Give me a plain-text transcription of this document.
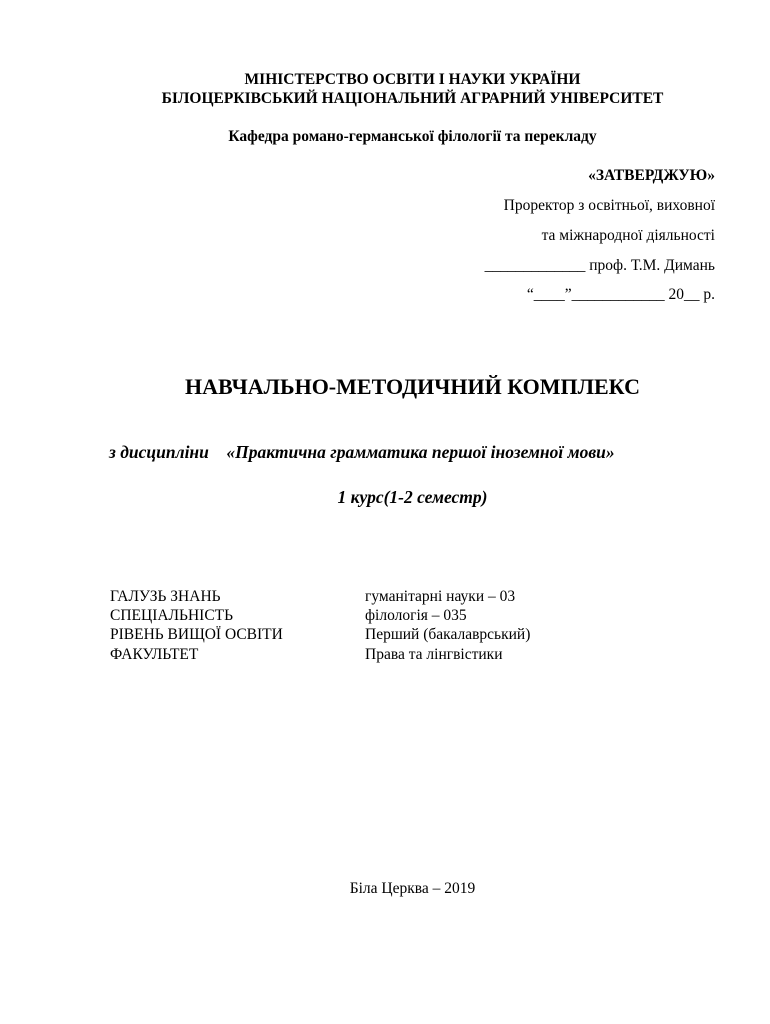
МІНІСТЕРСТВО ОСВІТИ І НАУКИ УКРАЇНИ
БІЛОЦЕРКІВСЬКИЙ НАЦІОНАЛЬНИЙ АГРАРНИЙ УНІВЕРСИТЕТ
Кафедра романо-германської філології та перекладу
«ЗАТВЕРДЖУЮ»
Проректор з освітньої, виховної
та міжнародної діяльності
_____________ проф. Т.М. Димань
“____”____________ 20__ р.
НАВЧАЛЬНО-МЕТОДИЧНИЙ КОМПЛЕКС
з дисципліни «Практична грамматика першої іноземної мови»
1 курс(1-2 семестр)
ГАЛУЗЬ ЗНАНЬ	гуманітарні науки – 03
СПЕЦІАЛЬНІСТЬ	філологія – 035
РІВЕНЬ ВИЩОЇ ОСВІТИ	Перший (бакалаврський)
ФАКУЛЬТЕТ	Права та лінгвістики
Біла Церква – 2019
